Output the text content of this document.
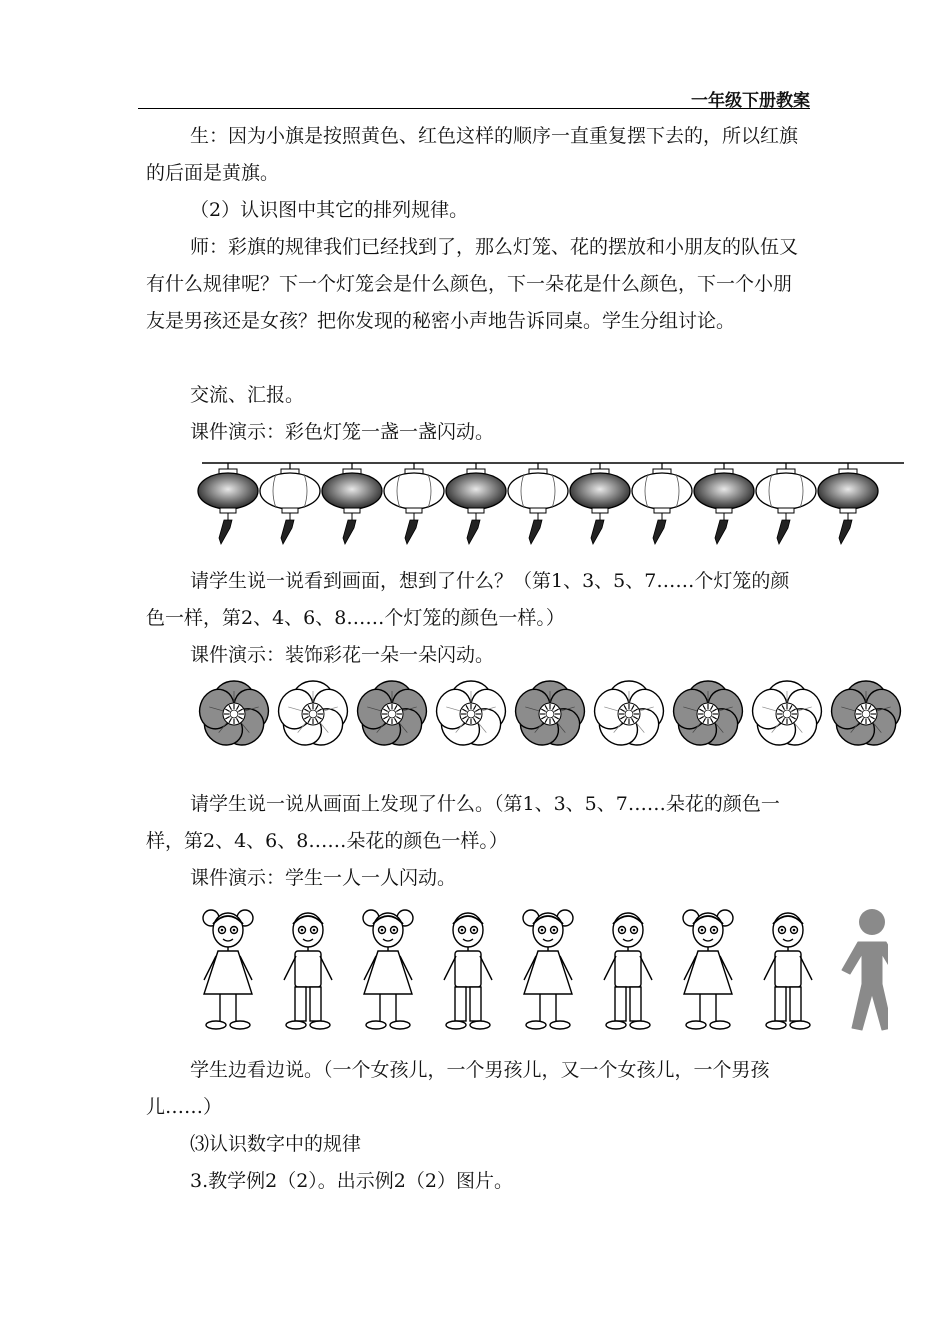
一年级下册教案

生：因为小旗是按照黄色、红色这样的顺序一直重复摆下去的，所以红旗的后面是黄旗。

（2）认识图中其它的排列规律。

师：彩旗的规律我们已经找到了，那么灯笼、花的摆放和小朋友的队伍又有什么规律呢？下一个灯笼会是什么颜色，下一朵花是什么颜色，下一个小朋友是男孩还是女孩？把你发现的秘密小声地告诉同桌。学生分组讨论。

交流、汇报。

课件演示：彩色灯笼一盏一盏闪动。

请学生说一说看到画面，想到了什么？（第1、3、5、7……个灯笼的颜色一样，第2、4、6、8……个灯笼的颜色一样。）

课件演示：装饰彩花一朵一朵闪动。

请学生说一说从画面上发现了什么。（第1、3、5、7……朵花的颜色一样，第2、4、6、8……朵花的颜色一样。）

课件演示：学生一人一人闪动。

学生边看边说。（一个女孩儿，一个男孩儿，又一个女孩儿，一个男孩儿……）

⑶认识数字中的规律

3.教学例2（2）。出示例2（2）图片。
